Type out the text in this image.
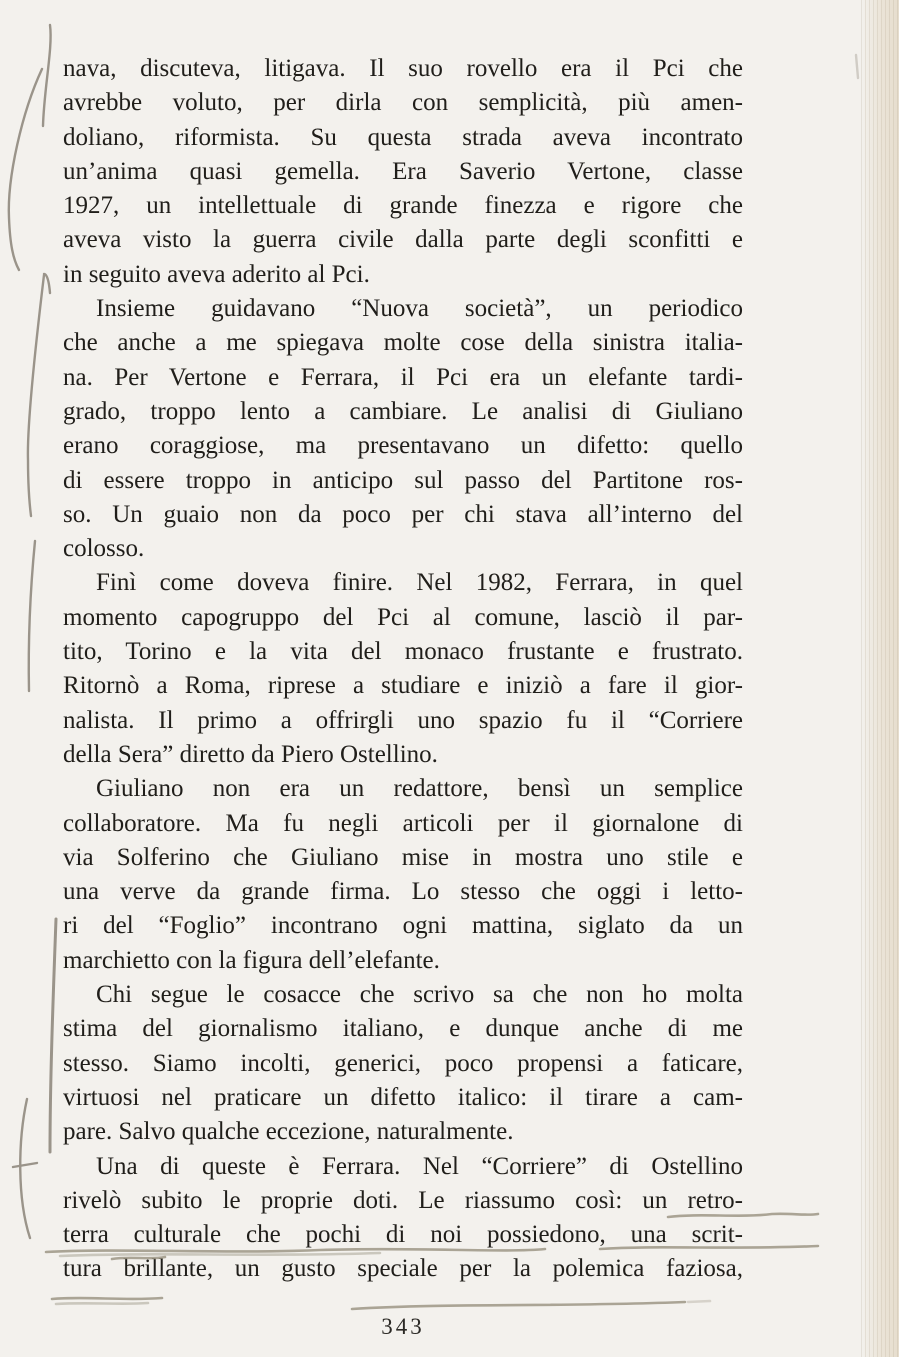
nava, discuteva, litigava. Il suo rovello era il Pci che
avrebbe voluto, per dirla con semplicità, più amen-
doliano, riformista. Su questa strada aveva incontrato
un’anima quasi gemella. Era Saverio Vertone, classe
1927, un intellettuale di grande finezza e rigore che
aveva visto la guerra civile dalla parte degli sconfitti e
in seguito aveva aderito al Pci.
Insieme guidavano “Nuova società”, un periodico
che anche a me spiegava molte cose della sinistra italia-
na. Per Vertone e Ferrara, il Pci era un elefante tardi-
grado, troppo lento a cambiare. Le analisi di Giuliano
erano coraggiose, ma presentavano un difetto: quello
di essere troppo in anticipo sul passo del Partitone ros-
so. Un guaio non da poco per chi stava all’interno del
colosso.
Finì come doveva finire. Nel 1982, Ferrara, in quel
momento capogruppo del Pci al comune, lasciò il par-
tito, Torino e la vita del monaco frustante e frustrato.
Ritornò a Roma, riprese a studiare e iniziò a fare il gior-
nalista. Il primo a offrirgli uno spazio fu il “Corriere
della Sera” diretto da Piero Ostellino.
Giuliano non era un redattore, bensì un semplice
collaboratore. Ma fu negli articoli per il giornalone di
via Solferino che Giuliano mise in mostra uno stile e
una verve da grande firma. Lo stesso che oggi i letto-
ri del “Foglio” incontrano ogni mattina, siglato da un
marchietto con la figura dell’elefante.
Chi segue le cosacce che scrivo sa che non ho molta
stima del giornalismo italiano, e dunque anche di me
stesso. Siamo incolti, generici, poco propensi a faticare,
virtuosi nel praticare un difetto italico: il tirare a cam-
pare. Salvo qualche eccezione, naturalmente.
Una di queste è Ferrara. Nel “Corriere” di Ostellino
rivelò subito le proprie doti. Le riassumo così: un retro-
terra culturale che pochi di noi possiedono, una scrit-
tura brillante, un gusto speciale per la polemica faziosa,
343
